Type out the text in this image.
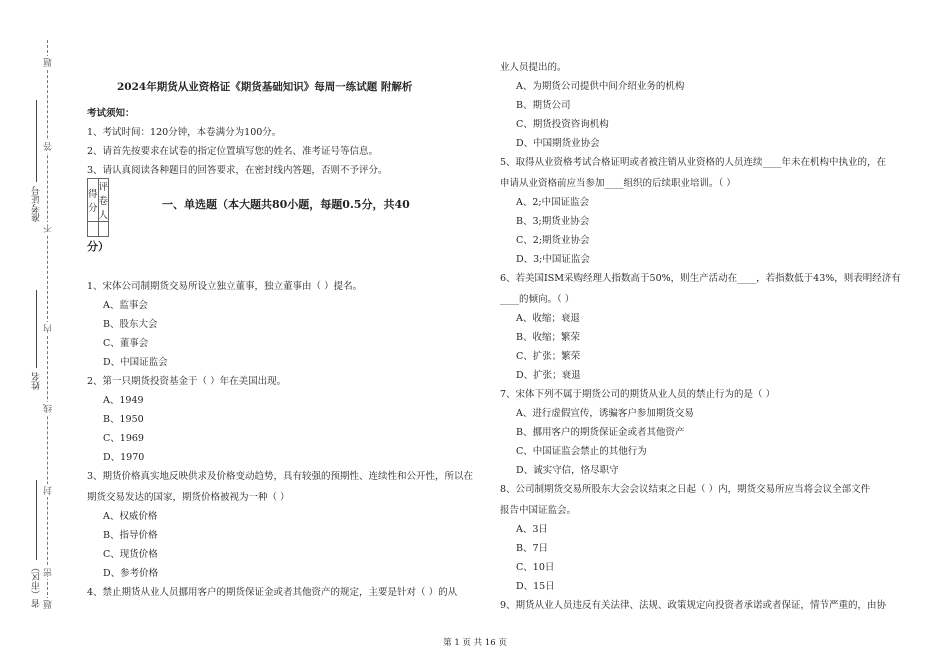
准考证号
姓名
省（市区）
题
答
不
内
线
封
密
题
2024年期货从业资格证《期货基础知识》每周一练试题 附解析
考试须知：
1、考试时间：120分钟，本卷满分为100分。
2、请首先按要求在试卷的指定位置填写您的姓名、准考证号等信息。
3、请认真阅读各种题目的回答要求，在密封线内答题，否则不予评分。
得分	评卷人

一、单选题（本大题共80小题，每题0.5分，共40
分）
1、宋体公司制期货交易所设立独立董事，独立董事由（ ）提名。
A、监事会
B、股东大会
C、董事会
D、中国证监会
2、第一只期货投资基金于（ ）年在美国出现。
A、1949
B、1950
C、1969
D、1970
3、期货价格真实地反映供求及价格变动趋势，具有较强的预期性、连续性和公开性，所以在
期货交易发达的国家，期货价格被视为一种（ ）
A、权威价格
B、指导价格
C、现货价格
D、参考价格
4、禁止期货从业人员挪用客户的期货保证金或者其他资产的规定，主要是针对（ ）的从
业人员提出的。
A、为期货公司提供中间介绍业务的机构
B、期货公司
C、期货投资咨询机构
D、中国期货业协会
5、取得从业资格考试合格证明或者被注销从业资格的人员连续____年未在机构中执业的，在
申请从业资格前应当参加____组织的后续职业培训。（ ）
A、2;中国证监会
B、3;期货业协会
C、2;期货业协会
D、3;中国证监会
6、若美国ISM采购经理人指数高于50%，则生产活动在____，若指数低于43%，则表明经济有
____的倾向。（ ）
A、收缩；衰退
B、收缩；繁荣
C、扩张；繁荣
D、扩张；衰退
7、宋体下列不属于期货公司的期货从业人员的禁止行为的是（ ）
A、进行虚假宣传，诱骗客户参加期货交易
B、挪用客户的期货保证金或者其他资产
C、中国证监会禁止的其他行为
D、诚实守信，恪尽职守
8、公司制期货交易所股东大会会议结束之日起（ ）内，期货交易所应当将会议全部文件
报告中国证监会。
A、3日
B、7日
C、10日
D、15日
9、期货从业人员违反有关法律、法规、政策规定向投资者承诺或者保证，情节严重的，由协
第 1 页 共 16 页
